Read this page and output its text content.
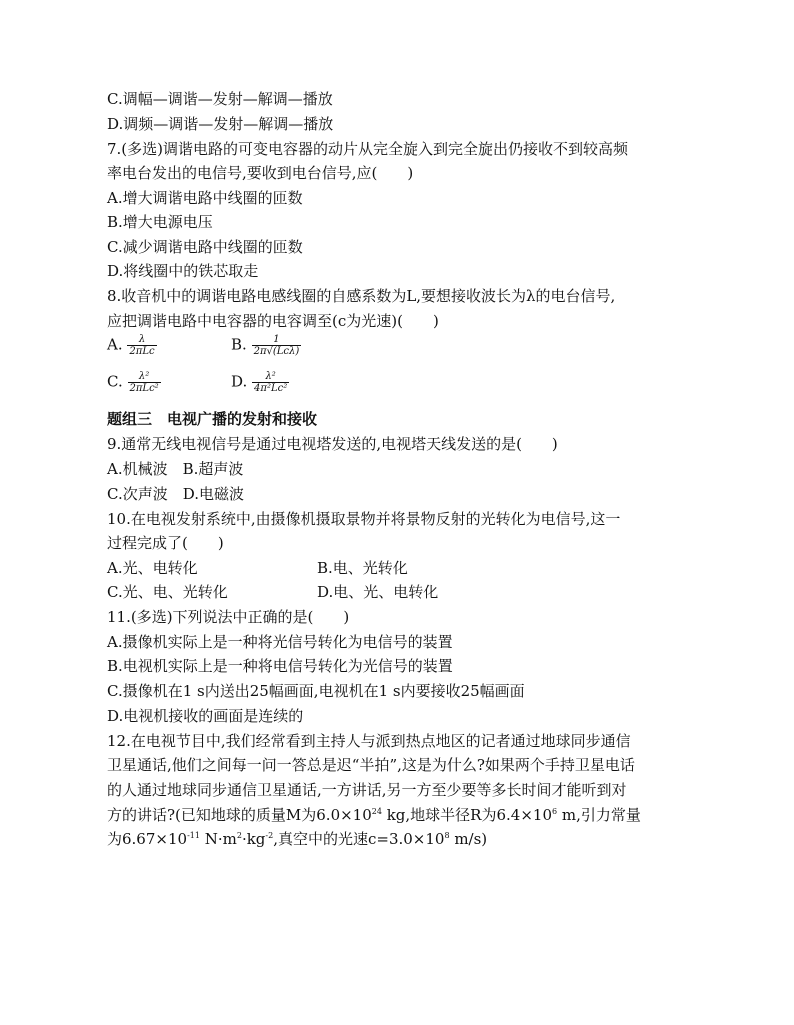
C.调幅—调谐—发射—解调—播放
D.调频—调谐—发射—解调—播放
7.(多选)调谐电路的可变电容器的动片从完全旋入到完全旋出仍接收不到较高频
率电台发出的电信号,要收到电台信号,应(　　)
A.增大调谐电路中线圈的匝数
B.增大电源电压
C.减少调谐电路中线圈的匝数
D.将线圈中的铁芯取走
8.收音机中的调谐电路电感线圈的自感系数为L,要想接收波长为λ的电台信号,
应把调谐电路中电容器的电容调至(c为光速)(　　)
A. $\frac{\lambda}{\text{2πLc}}$	B. $\frac{1}{\text{2π√(Lcλ)}}$
C. $\frac{\text{λ²}}{\text{2πLc²}}$	D. $\frac{\text{λ²}}{\text{4π²Lc²}}$
题组三　电视广播的发射和接收
9.通常无线电视信号是通过电视塔发送的,电视塔天线发送的是(　　)
A.机械波　B.超声波
C.次声波　D.电磁波
10.在电视发射系统中,由摄像机摄取景物并将景物反射的光转化为电信号,这一
过程完成了(　　)
A.光、电转化	B.电、光转化
C.光、电、光转化	D.电、光、电转化
11.(多选)下列说法中正确的是(　　)
A.摄像机实际上是一种将光信号转化为电信号的装置
B.电视机实际上是一种将电信号转化为光信号的装置
C.摄像机在1 s内送出25幅画面,电视机在1 s内要接收25幅画面
D.电视机接收的画面是连续的
12.在电视节目中,我们经常看到主持人与派到热点地区的记者通过地球同步通信
卫星通话,他们之间每一问一答总是迟“半拍”,这是为什么?如果两个手持卫星电话
的人通过地球同步通信卫星通话,一方讲话,另一方至少要等多长时间才能听到对
方的讲话?(已知地球的质量M为$6.0\times 10^{24}$ kg,地球半径R为$6.4\times 10^6$ m,引力常量
为$6.67\times 10^{-11}$ $N\cdot m^2\cdot kg^{-2}$,真空中的光速$c=3.0\times 10^8$ m/s)
